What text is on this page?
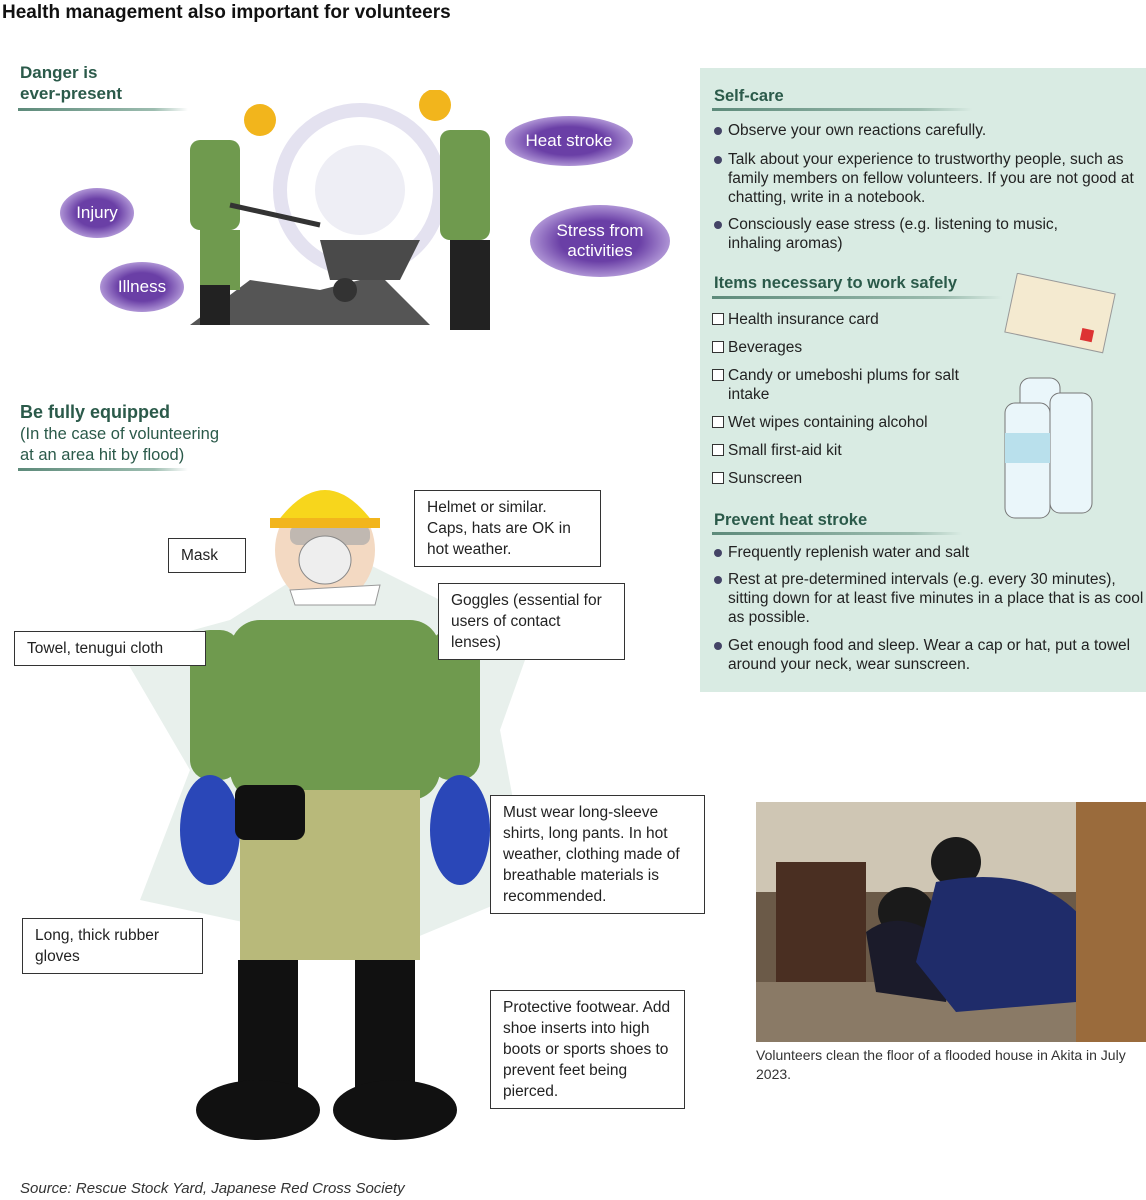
Health management also important for volunteers
Danger is
ever-present
Injury
Illness
Heat stroke
Stress from activities
Be fully equipped
(In the case of volunteering
at an area hit by flood)
Helmet or similar. Caps, hats are OK in hot weather.
Mask
Goggles (essential for users of contact lenses)
Towel, tenugui cloth
Must wear long-sleeve shirts, long pants. In hot weather, clothing made of breathable materials is recommended.
Long, thick rubber gloves
Protective footwear. Add shoe inserts into high boots or sports shoes to prevent feet being pierced.
Self-care
Observe your own reactions carefully.
Talk about your experience to trustworthy people, such as family members on fellow volunteers. If you are not good at chatting, write in a notebook.
Consciously ease stress (e.g. listening to music, inhaling aromas)
Items necessary to work safely
Health insurance card
Beverages
Candy or umeboshi plums for salt intake
Wet wipes containing alcohol
Small first-aid kit
Sunscreen
Prevent heat stroke
Frequently replenish water and salt
Rest at pre-determined intervals (e.g. every 30 minutes), sitting down for at least five minutes in a place that is as cool as possible.
Get enough food and sleep. Wear a cap or hat, put a towel around your neck, wear sunscreen.
Volunteers clean the floor of a flooded house in Akita in July 2023.
Source: Rescue Stock Yard, Japanese Red Cross Society
